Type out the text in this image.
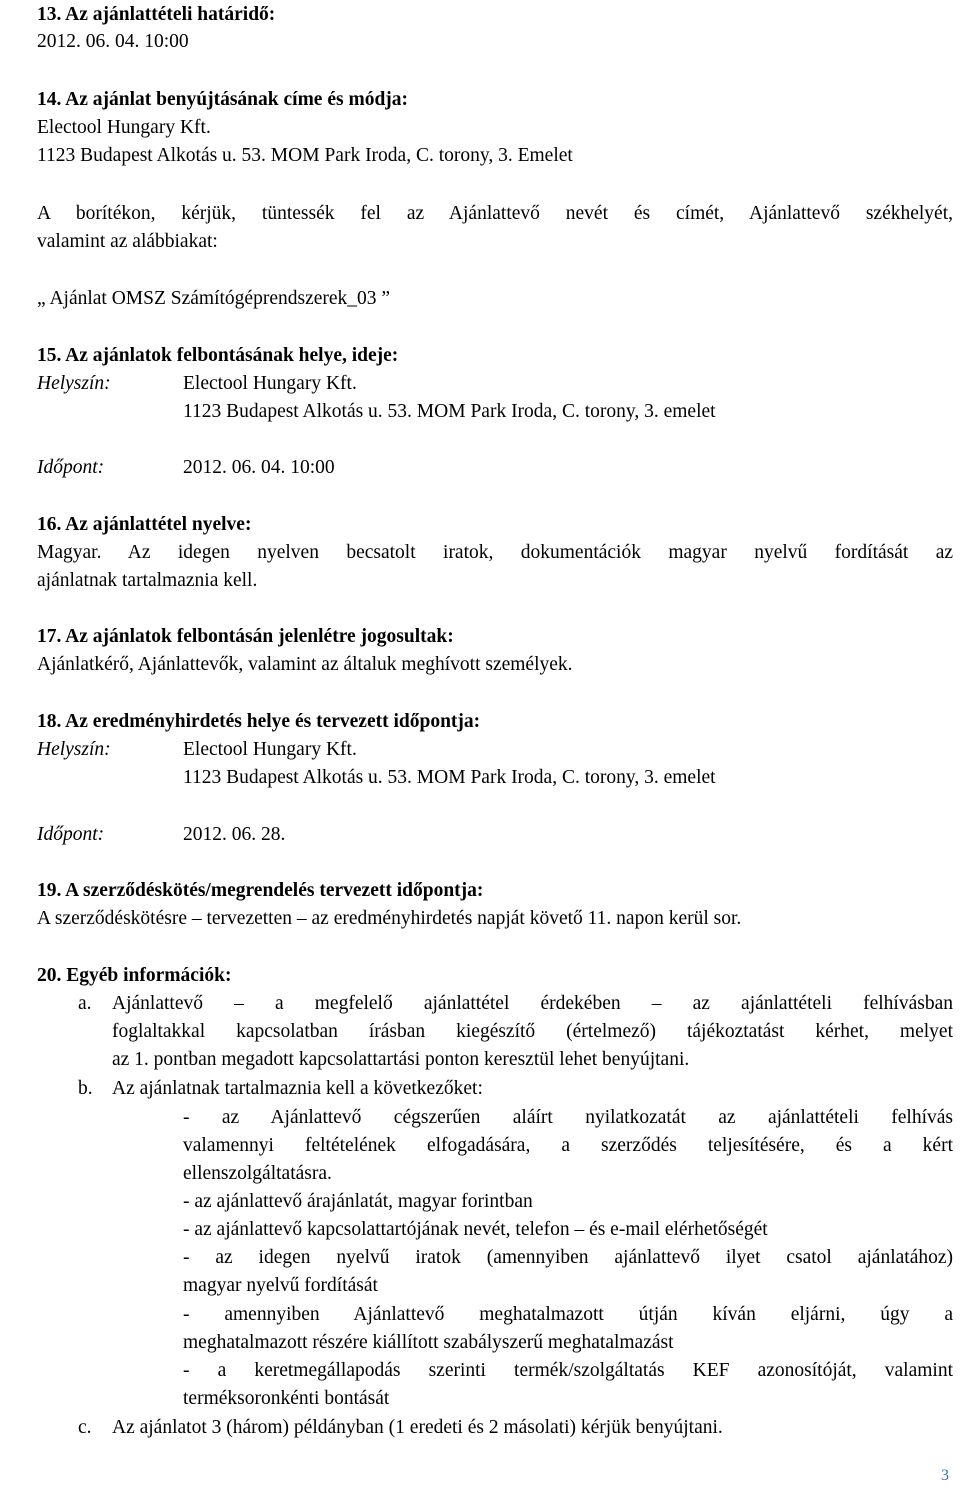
13. Az ajánlattételi határidő:
2012. 06. 04. 10:00
14. Az ajánlat benyújtásának címe és módja:
Electool Hungary Kft.
1123 Budapest Alkotás u. 53. MOM Park Iroda, C. torony, 3. Emelet
A borítékon, kérjük, tüntessék fel az Ajánlattevő nevét és címét, Ajánlattevő székhelyét,
valamint az alábbiakat:
„ Ajánlat OMSZ Számítógéprendszerek_03 ”
15. Az ajánlatok felbontásának helye, ideje:
Helyszín:	Electool Hungary Kft.
1123 Budapest Alkotás u. 53. MOM Park Iroda, C. torony, 3. emelet
Időpont:	2012. 06. 04. 10:00
16. Az ajánlattétel nyelve:
Magyar. Az idegen nyelven becsatolt iratok, dokumentációk magyar nyelvű fordítását az
ajánlatnak tartalmaznia kell.
17. Az ajánlatok felbontásán jelenlétre jogosultak:
Ajánlatkérő, Ajánlattevők, valamint az általuk meghívott személyek.
18. Az eredményhirdetés helye és tervezett időpontja:
Helyszín:	Electool Hungary Kft.
1123 Budapest Alkotás u. 53. MOM Park Iroda, C. torony, 3. emelet
Időpont:	2012. 06. 28.
19. A szerződéskötés/megrendelés tervezett időpontja:
A szerződéskötésre – tervezetten – az eredményhirdetés napját követő 11. napon kerül sor.
20. Egyéb információk:
a. Ajánlattevő – a megfelelő ajánlattétel érdekében – az ajánlattételi felhívásban
foglaltakkal kapcsolatban írásban kiegészítő (értelmező) tájékoztatást kérhet, melyet
az 1. pontban megadott kapcsolattartási ponton keresztül lehet benyújtani.
b. Az ajánlatnak tartalmaznia kell a következőket:
- az Ajánlattevő cégszerűen aláírt nyilatkozatát az ajánlattételi felhívás
valamennyi feltételének elfogadására, a szerződés teljesítésére, és a kért
ellenszolgáltatásra.
- az ajánlattevő árajánlatát, magyar forintban
- az ajánlattevő kapcsolattartójának nevét, telefon – és e-mail elérhetőségét
- az idegen nyelvű iratok (amennyiben ajánlattevő ilyet csatol ajánlatához)
magyar nyelvű fordítását
- amennyiben Ajánlattevő meghatalmazott útján kíván eljárni, úgy a
meghatalmazott részére kiállított szabályszerű meghatalmazást
- a keretmegállapodás szerinti termék/szolgáltatás KEF azonosítóját, valamint
terméksoronkénti bontását
c. Az ajánlatot 3 (három) példányban (1 eredeti és 2 másolati) kérjük benyújtani.
3
